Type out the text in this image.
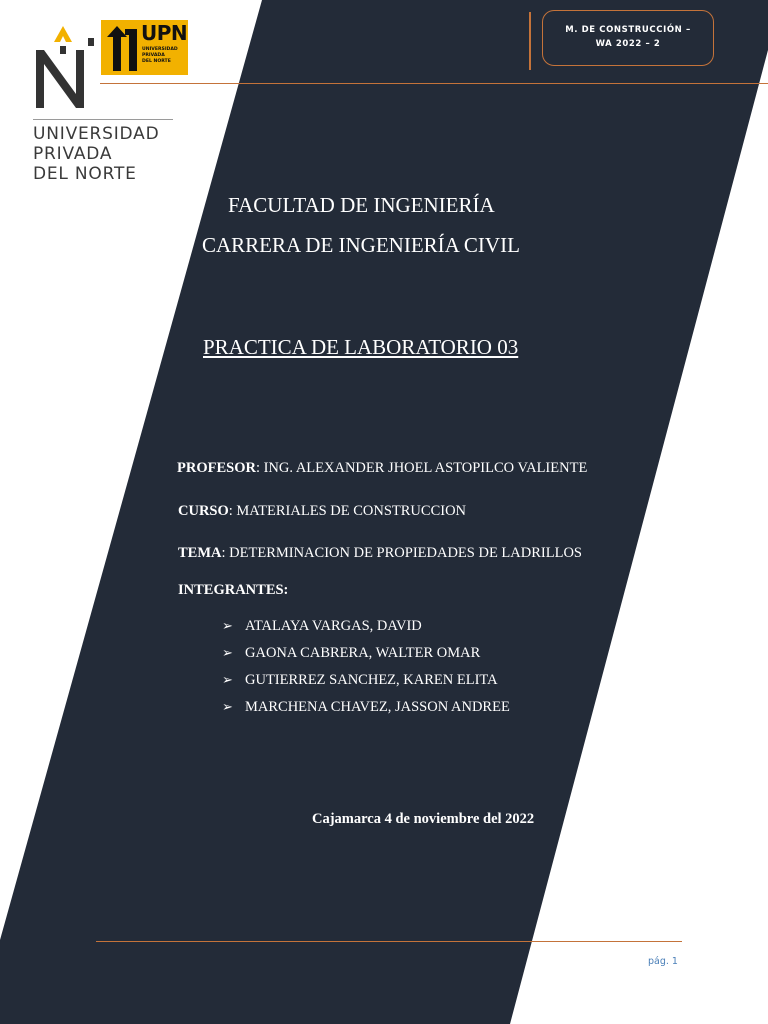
M. DE CONSTRUCCIÓN –
WA 2022 – 2
UPN
UNIVERSIDAD
PRIVADA
DEL NORTE
UNIVERSIDAD
PRIVADA
DEL NORTE
FACULTAD DE INGENIERÍA
CARRERA DE INGENIERÍA CIVIL
PRACTICA DE LABORATORIO 03
PROFESOR: ING. ALEXANDER JHOEL ASTOPILCO VALIENTE
CURSO: MATERIALES DE CONSTRUCCION
TEMA: DETERMINACION DE PROPIEDADES DE LADRILLOS
INTEGRANTES:
➢ ATALAYA VARGAS, DAVID
➢ GAONA CABRERA, WALTER OMAR
➢ GUTIERREZ SANCHEZ, KAREN ELITA
➢ MARCHENA CHAVEZ, JASSON ANDREE
Cajamarca 4 de noviembre del 2022
pág. 1
